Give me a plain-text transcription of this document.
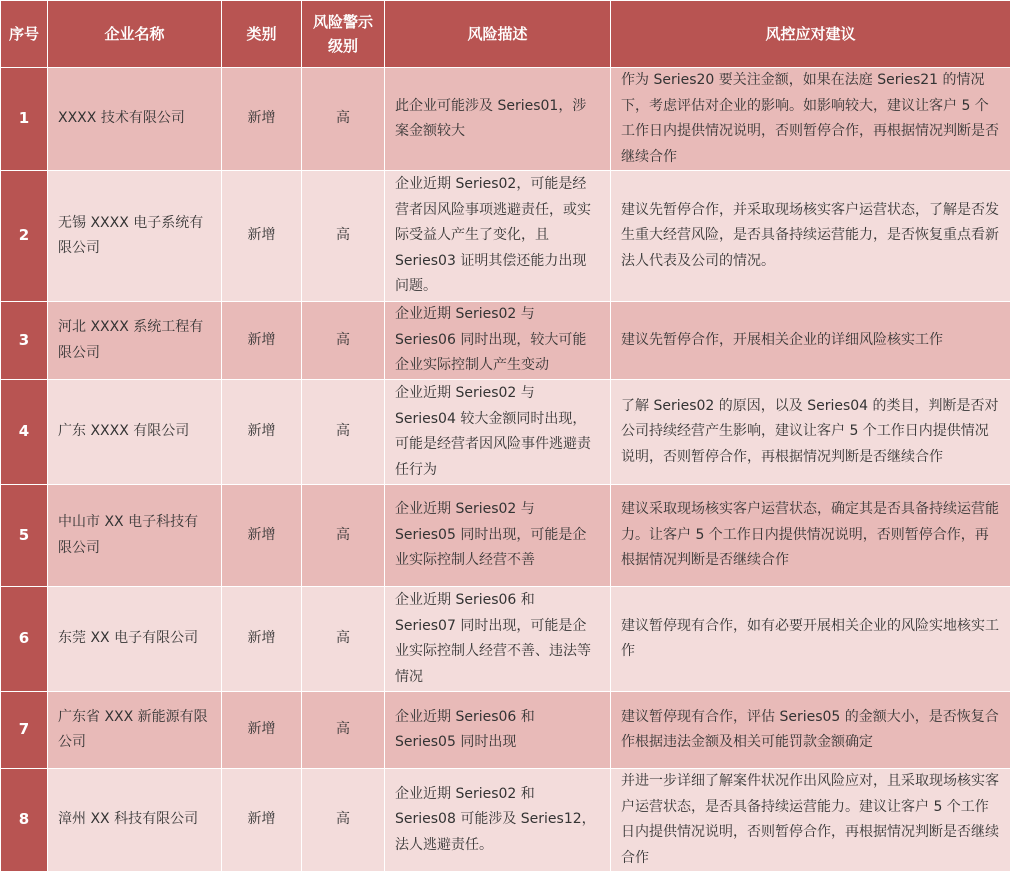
序号	企业名称	类别	风险警示级别	风险描述	风控应对建议
1	XXXX 技术有限公司	新增	高	此企业可能涉及 Series01，涉案金额较大	作为 Series20 要关注金额，如果在法庭 Series21 的情况下，考虑评估对企业的影响。如影响较大，建议让客户 5 个工作日内提供情况说明，否则暂停合作，再根据情况判断是否继续合作
2	无锡 XXXX 电子系统有限公司	新增	高	企业近期 Series02，可能是经营者因风险事项逃避责任，或实际受益人产生了变化，且 Series03 证明其偿还能力出现问题。	建议先暂停合作，并采取现场核实客户运营状态，了解是否发生重大经营风险，是否具备持续运营能力，是否恢复重点看新法人代表及公司的情况。
3	河北 XXXX 系统工程有限公司	新增	高	企业近期 Series02 与 Series06 同时出现，较大可能企业实际控制人产生变动	建议先暂停合作，开展相关企业的详细风险核实工作
4	广东 XXXX 有限公司	新增	高	企业近期 Series02 与 Series04 较大金额同时出现，可能是经营者因风险事件逃避责任行为	了解 Series02 的原因，以及 Series04 的类目，判断是否对公司持续经营产生影响，建议让客户 5 个工作日内提供情况说明，否则暂停合作，再根据情况判断是否继续合作
5	中山市 XX 电子科技有限公司	新增	高	企业近期 Series02 与 Series05 同时出现，可能是企业实际控制人经营不善	建议采取现场核实客户运营状态，确定其是否具备持续运营能力。让客户 5 个工作日内提供情况说明，否则暂停合作，再根据情况判断是否继续合作
6	东莞 XX 电子有限公司	新增	高	企业近期 Series06 和 Series07 同时出现，可能是企业实际控制人经营不善、违法等情况	建议暂停现有合作，如有必要开展相关企业的风险实地核实工作
7	广东省 XXX 新能源有限公司	新增	高	企业近期 Series06 和 Series05 同时出现	建议暂停现有合作，评估 Series05 的金额大小，是否恢复合作根据违法金额及相关可能罚款金额确定
8	漳州 XX 科技有限公司	新增	高	企业近期 Series02 和 Series08 可能涉及 Series12，法人逃避责任。	并进一步详细了解案件状况作出风险应对，且采取现场核实客户运营状态，是否具备持续运营能力。建议让客户 5 个工作日内提供情况说明，否则暂停合作，再根据情况判断是否继续合作
